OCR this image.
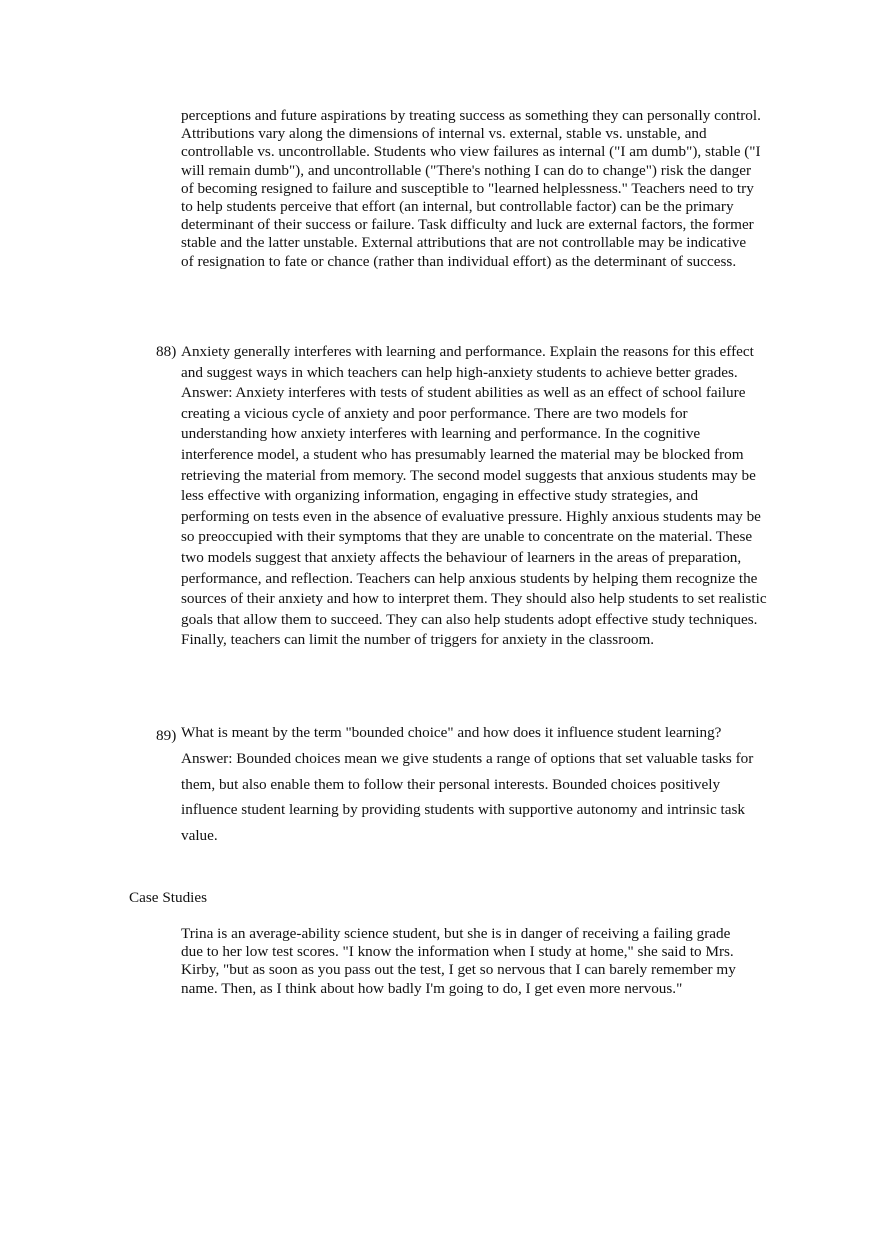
perceptions and future aspirations by treating success as something they can personally control. Attributions vary along the dimensions of internal vs. external, stable vs. unstable, and controllable vs. uncontrollable. Students who view failures as internal ("I am dumb"), stable ("I will remain dumb"), and uncontrollable ("There's nothing I can do to change") risk the danger of becoming resigned to failure and susceptible to "learned helplessness." Teachers need to try to help students perceive that effort (an internal, but controllable factor) can be the primary determinant of their success or failure. Task difficulty and luck are external factors, the former stable and the latter unstable. External attributions that are not controllable may be indicative of resignation to fate or chance (rather than individual effort) as the determinant of success.
88) Anxiety generally interferes with learning and performance. Explain the reasons for this effect and suggest ways in which teachers can help high-anxiety students to achieve better grades.

Answer: Anxiety interferes with tests of student abilities as well as an effect of school failure creating a vicious cycle of anxiety and poor performance. There are two models for understanding how anxiety interferes with learning and performance. In the cognitive interference model, a student who has presumably learned the material may be blocked from retrieving the material from memory. The second model suggests that anxious students may be less effective with organizing information, engaging in effective study strategies, and performing on tests even in the absence of evaluative pressure. Highly anxious students may be so preoccupied with their symptoms that they are unable to concentrate on the material. These two models suggest that anxiety affects the behaviour of learners in the areas of preparation, performance, and reflection. Teachers can help anxious students by helping them recognize the sources of their anxiety and how to interpret them. They should also help students to set realistic goals that allow them to succeed. They can also help students adopt effective study techniques. Finally, teachers can limit the number of triggers for anxiety in the classroom.

89) What is meant by the term "bounded choice" and how does it influence student learning?

Answer: Bounded choices mean we give students a range of options that set valuable tasks for them, but also enable them to follow their personal interests. Bounded choices positively influence student learning by providing students with supportive autonomy and intrinsic task value.

Case Studies
Trina is an average-ability science student, but she is in danger of receiving a failing grade due to her low test scores. "I know the information when I study at home," she said to Mrs. Kirby, "but as soon as you pass out the test, I get so nervous that I can barely remember my name. Then, as I think about how badly I'm going to do, I get even more nervous."
